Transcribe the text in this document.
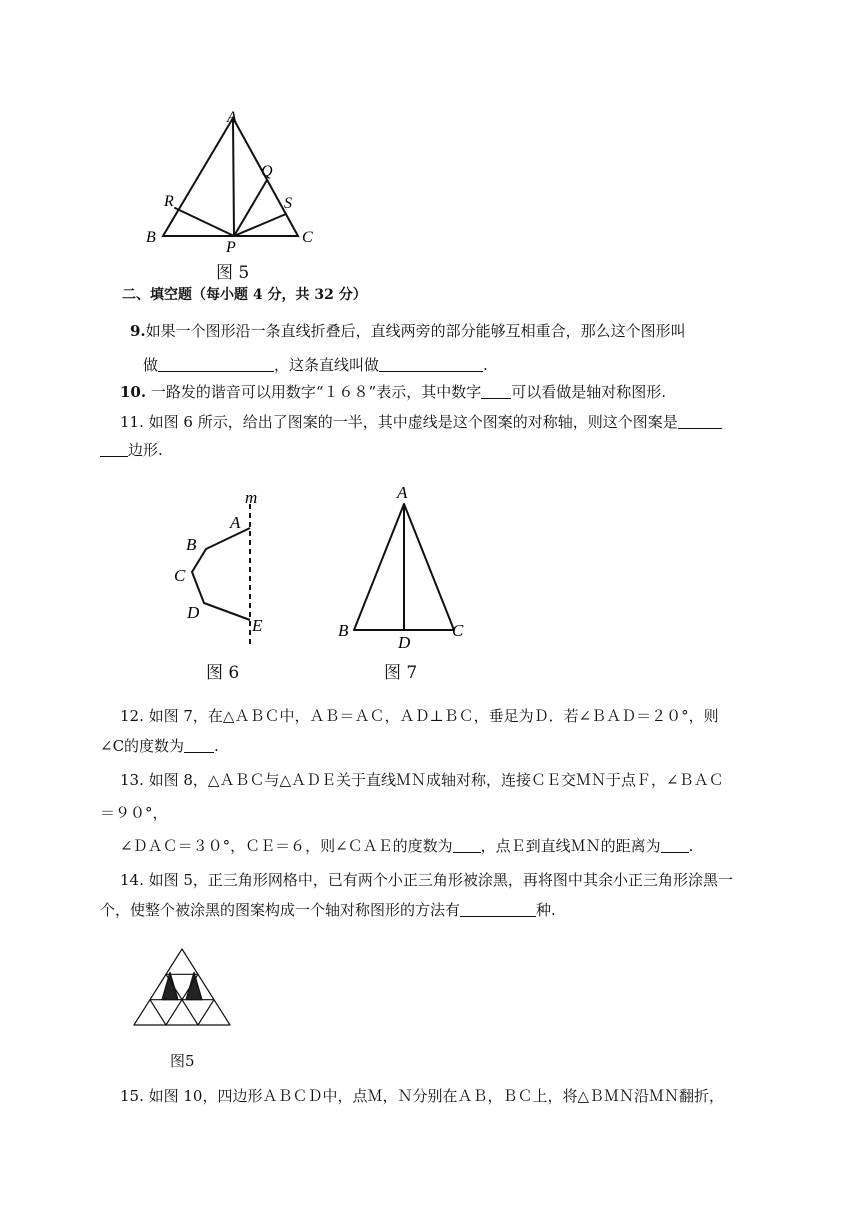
A
B	C
P
Q
R	S
图 5
二、填空题（每小题 4 分，共 32 分）
9.如果一个图形沿一条直线折叠后，直线两旁的部分能够互相重合，那么这个图形叫
做	，这条直线叫做	.
10. 一路发的谐音可以用数字“１６８”表示，其中数字 可以看做是轴对称图形.
11. 如图 6 所示，给出了图案的一半，其中虚线是这个图案的对称轴，则这个图案是
边形.
m
A
B
C
D
E
图 6
A
B	C
D
图 7
12. 如图 7，在△ＡＢＣ中，ＡＢ＝ＡＣ，ＡＤ⊥ＢＣ，垂足为Ｄ．若∠ＢＡＤ＝２０°，则
∠C的度数为 .
13. 如图 8，△ＡＢＣ与△ＡＤＥ关于直线ＭＮ成轴对称，连接ＣＥ交ＭＮ于点Ｆ，∠ＢＡＣ
＝９０°，
∠ＤＡＣ＝３０°，ＣＥ＝６，则∠ＣＡＥ的度数为 ，点Ｅ到直线ＭＮ的距离为 .
14. 如图 5，正三角形网格中，已有两个小正三角形被涂黑，再将图中其余小正三角形涂黑一
个，使整个被涂黑的图案构成一个轴对称图形的方法有	种.
图5
15. 如图 10，四边形ＡＢＣＤ中，点Ｍ，Ｎ分别在ＡＢ，ＢＣ上，将△ＢＭＮ沿ＭＮ翻折，
